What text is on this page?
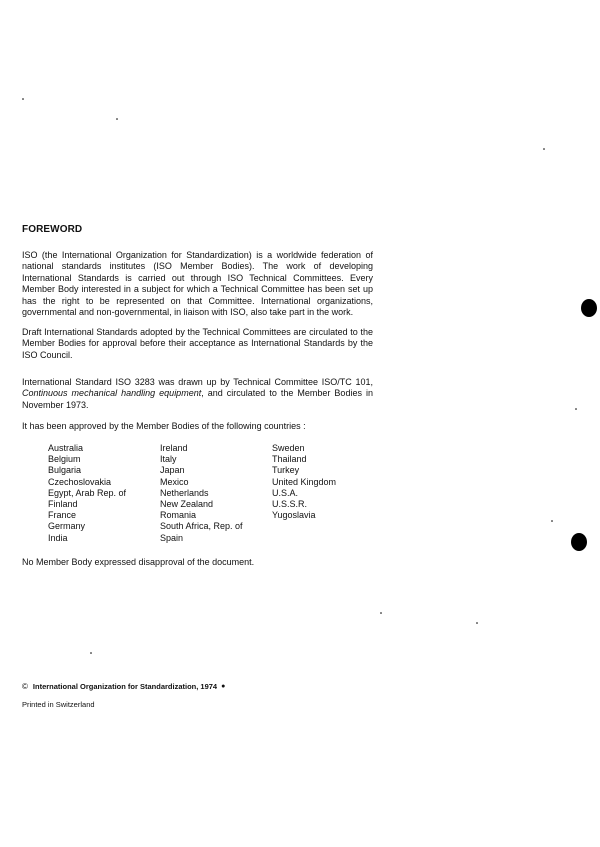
FOREWORD
ISO (the International Organization for Standardization) is a worldwide federation of national standards institutes (ISO Member Bodies). The work of developing International Standards is carried out through ISO Technical Committees. Every Member Body interested in a subject for which a Technical Committee has been set up has the right to be represented on that Committee. International organizations, governmental and non-governmental, in liaison with ISO, also take part in the work.
Draft International Standards adopted by the Technical Committees are circulated to the Member Bodies for approval before their acceptance as International Standards by the ISO Council.
International Standard ISO 3283 was drawn up by Technical Committee ISO/TC 101, Continuous mechanical handling equipment, and circulated to the Member Bodies in November 1973.
It has been approved by the Member Bodies of the following countries :
Australia
Belgium
Bulgaria
Czechoslovakia
Egypt, Arab Rep. of
Finland
France
Germany
India
Ireland
Italy
Japan
Mexico
Netherlands
New Zealand
Romania
South Africa, Rep. of
Spain
Sweden
Thailand
Turkey
United Kingdom
U.S.A.
U.S.S.R.
Yugoslavia
No Member Body expressed disapproval of the document.
© International Organization for Standardization, 1974 ●
Printed in Switzerland
